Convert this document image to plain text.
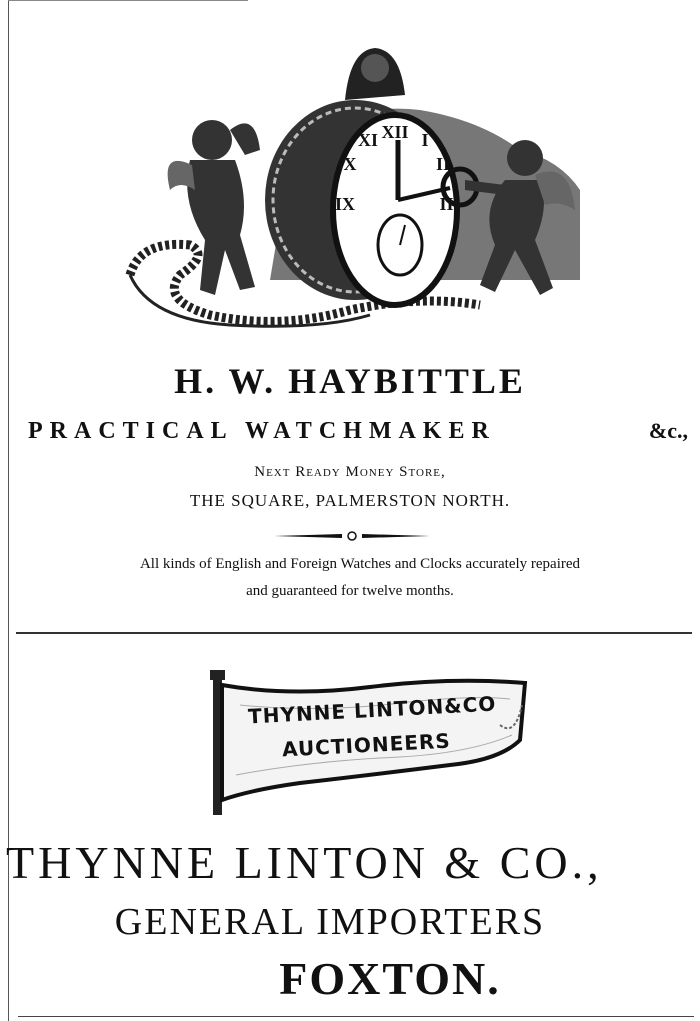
XII I
II
III
XI
X
IX
H. W. HAYBITTLE
PRACTICAL WATCHMAKER	&c.,
Next Ready Money Store,
THE SQUARE, PALMERSTON NORTH.
All kinds of English and Foreign Watches and Clocks accurately repaired
and guaranteed for twelve months.
THYNNE LINTON&CO
AUCTIONEERS
THYNNE LINTON & CO.,
GENERAL IMPORTERS
FOXTON.
